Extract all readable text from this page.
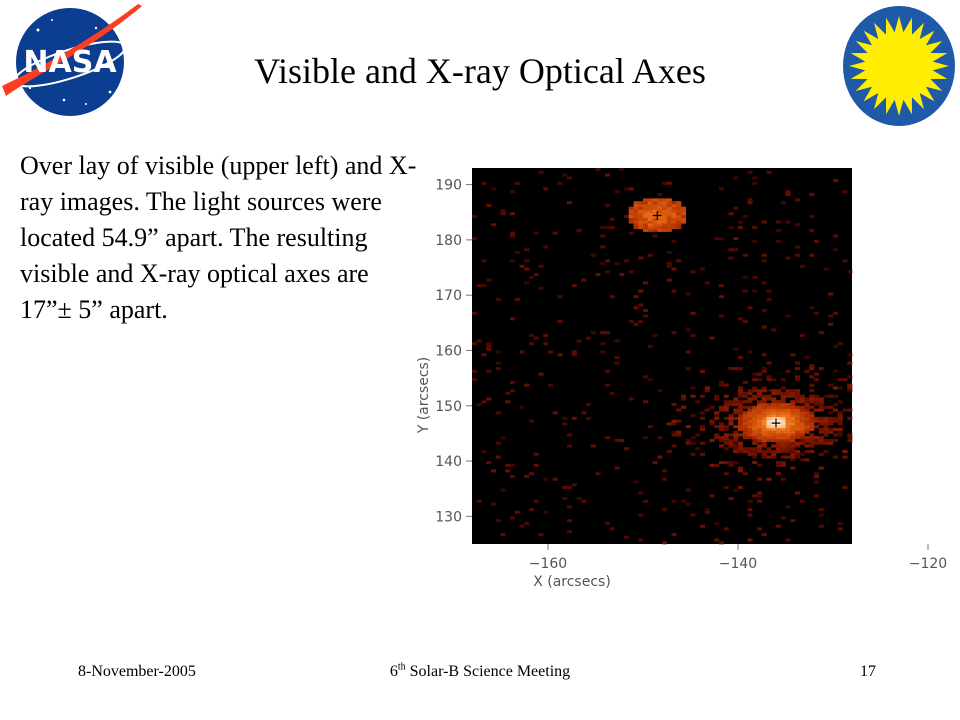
NASA	Visible and X-ray Optical Axes
Over lay of visible (upper left) and X-ray images. The light sources were located 54.9” apart. The resulting visible and X-ray optical axes are 17”± 5” apart.
+
+
−160	−140	−120
130
140
150
160
170
180
190
X (arcsecs)
Y (arcsecs)
8-November-2005	6th Solar-B Science Meeting	17
